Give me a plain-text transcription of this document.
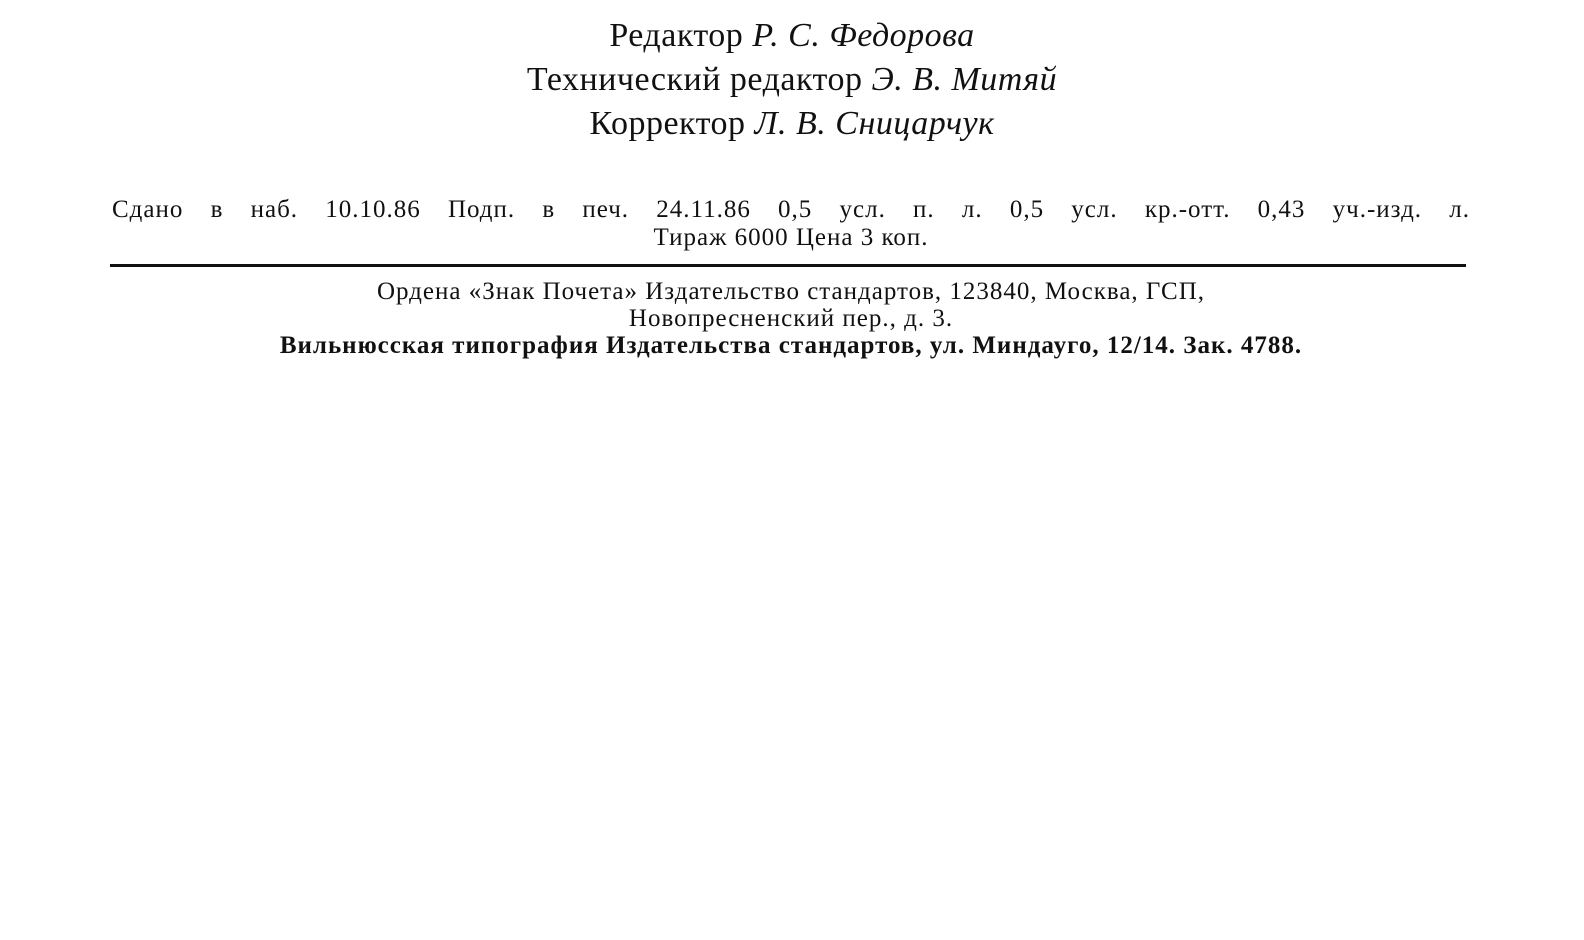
Редактор Р. С. Федорова
Технический редактор Э. В. Митяй
Корректор Л. В. Сницарчук
Сдано в наб. 10.10.86 Подп. в печ. 24.11.86 0,5 усл. п. л. 0,5 усл. кр.-отт. 0,43 уч.-изд. л.
Тираж 6000 Цена 3 коп.
Ордена «Знак Почета» Издательство стандартов, 123840, Москва, ГСП,
Новопресненский пер., д. 3.
Вильнюсская типография Издательства стандартов, ул. Миндауго, 12/14. Зак. 4788.
